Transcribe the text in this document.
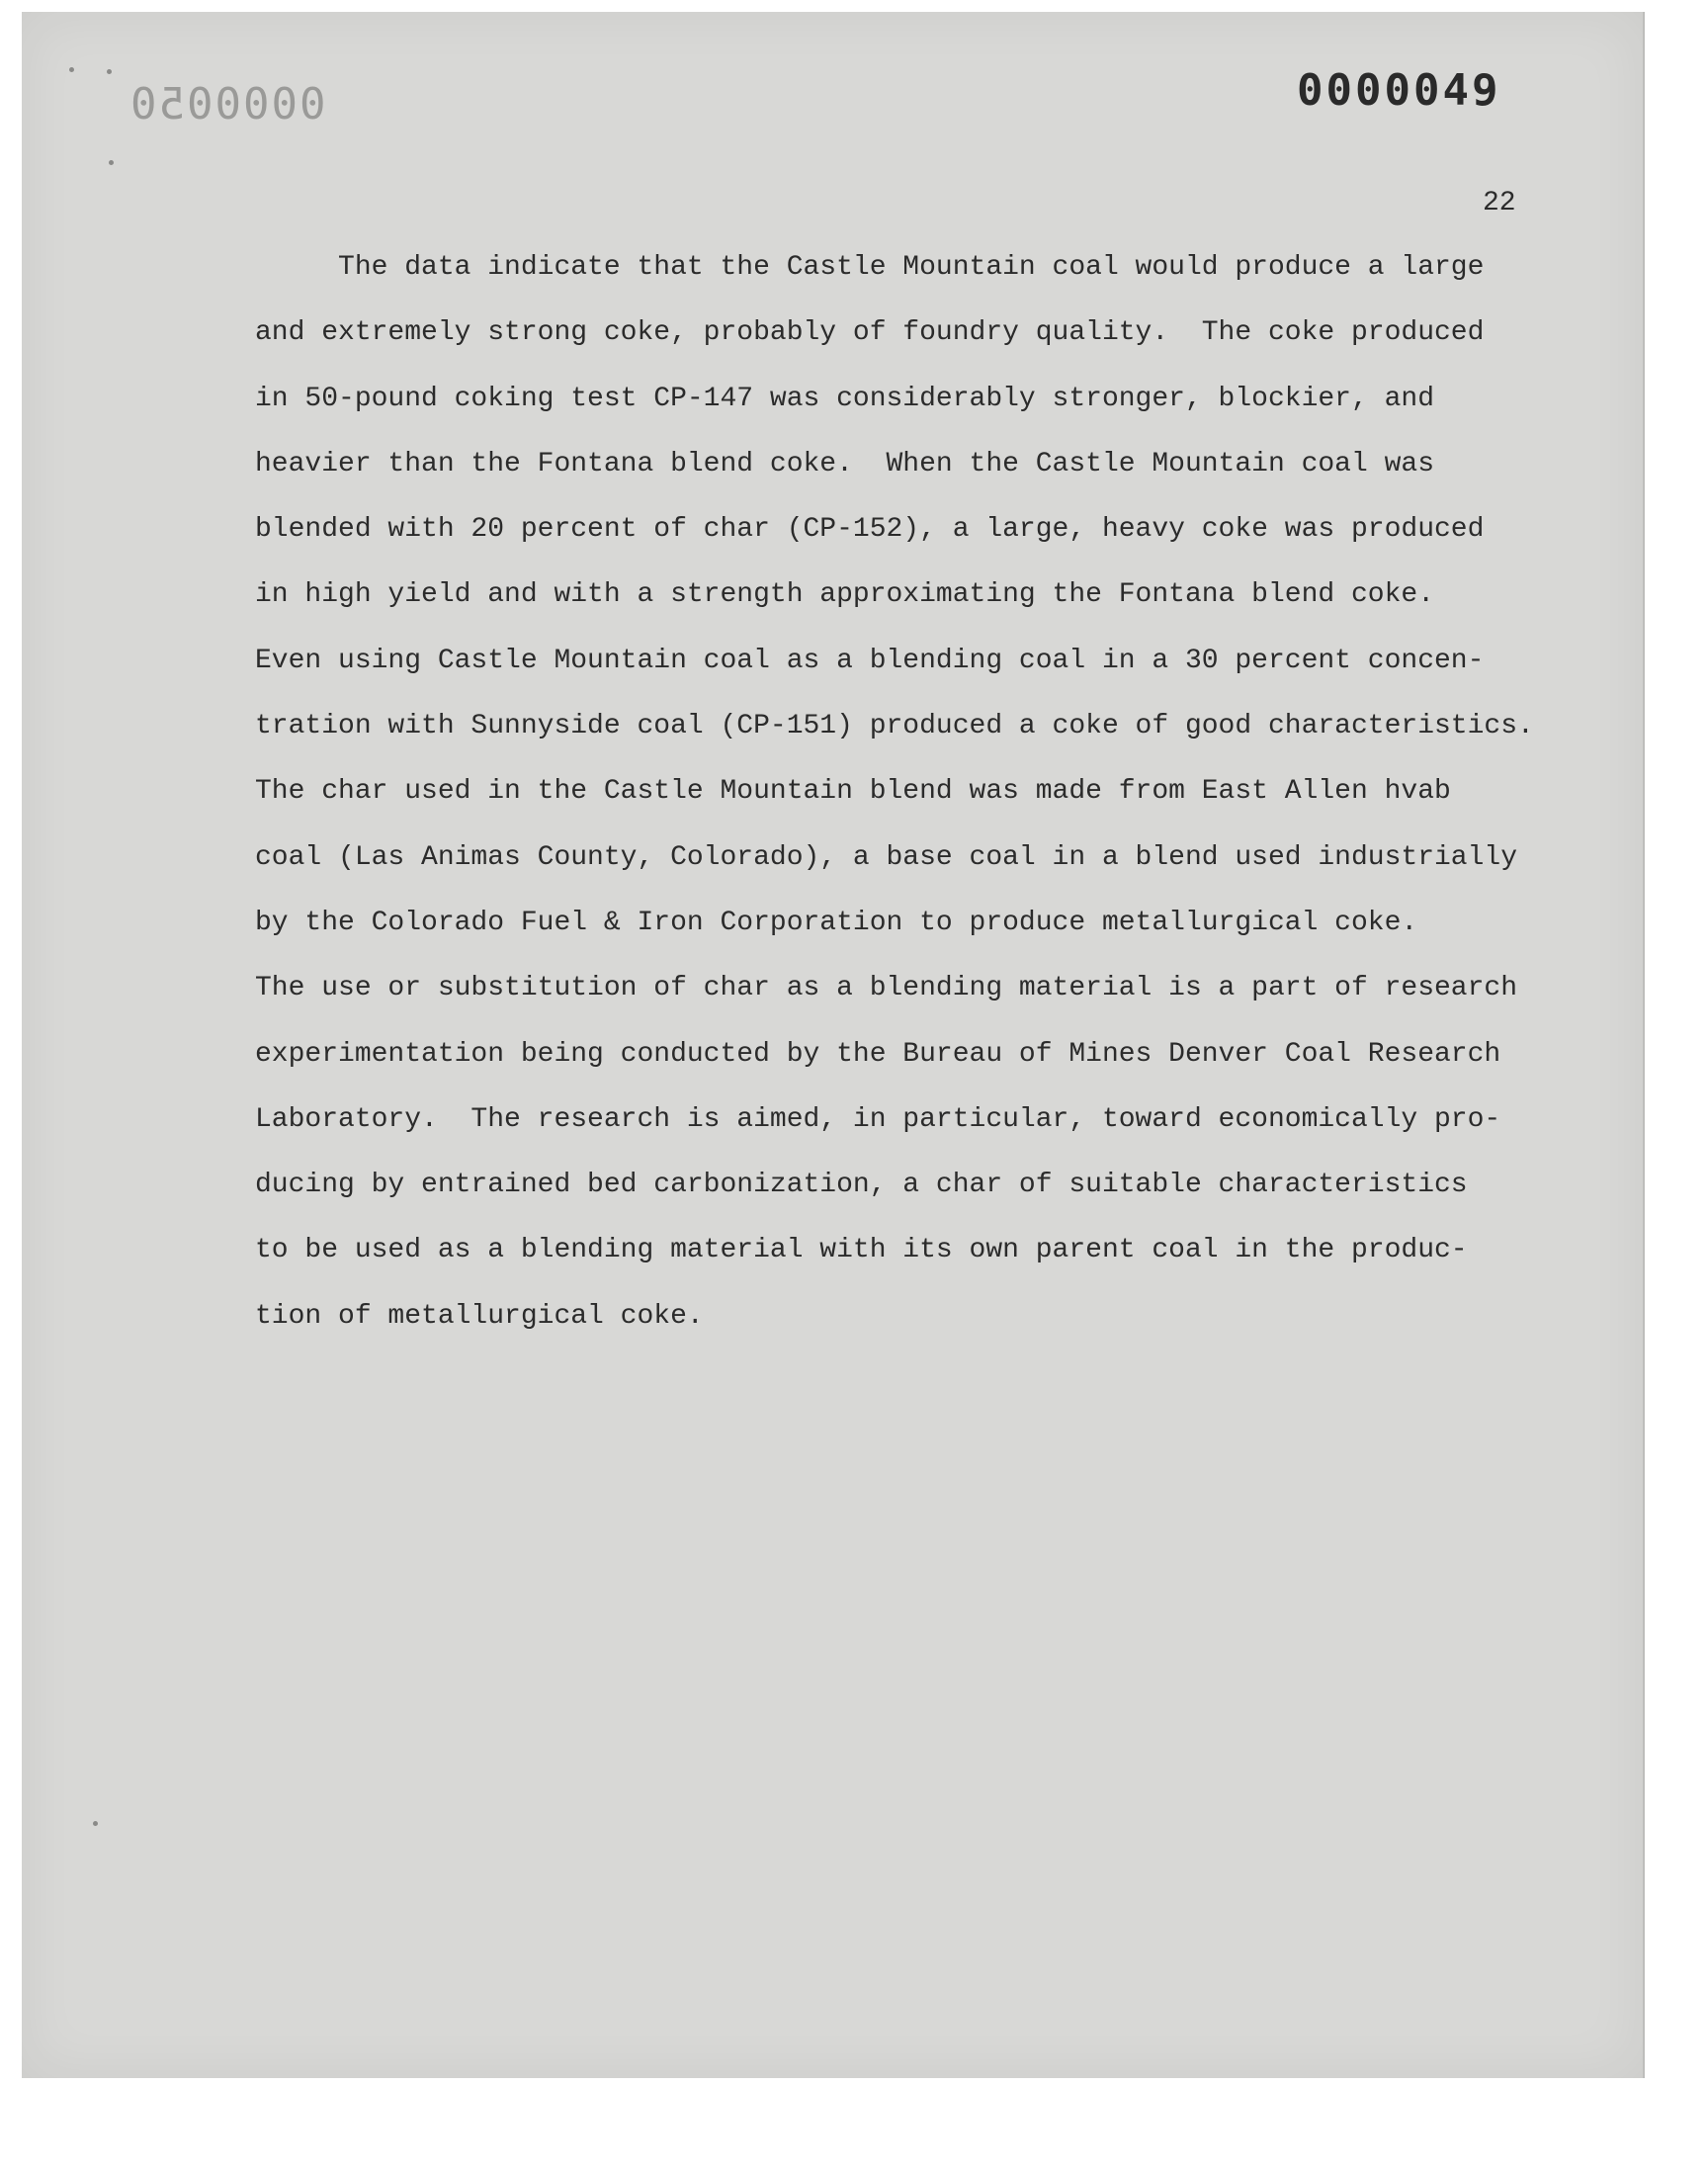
0000050	0000049
22
The data indicate that the Castle Mountain coal would produce a large
and extremely strong coke, probably of foundry quality.  The coke produced
in 50-pound coking test CP-147 was considerably stronger, blockier, and
heavier than the Fontana blend coke.  When the Castle Mountain coal was
blended with 20 percent of char (CP-152), a large, heavy coke was produced
in high yield and with a strength approximating the Fontana blend coke.
Even using Castle Mountain coal as a blending coal in a 30 percent concen-
tration with Sunnyside coal (CP-151) produced a coke of good characteristics.
The char used in the Castle Mountain blend was made from East Allen hvab
coal (Las Animas County, Colorado), a base coal in a blend used industrially
by the Colorado Fuel & Iron Corporation to produce metallurgical coke.
The use or substitution of char as a blending material is a part of research
experimentation being conducted by the Bureau of Mines Denver Coal Research
Laboratory.  The research is aimed, in particular, toward economically pro-
ducing by entrained bed carbonization, a char of suitable characteristics
to be used as a blending material with its own parent coal in the produc-
tion of metallurgical coke.
